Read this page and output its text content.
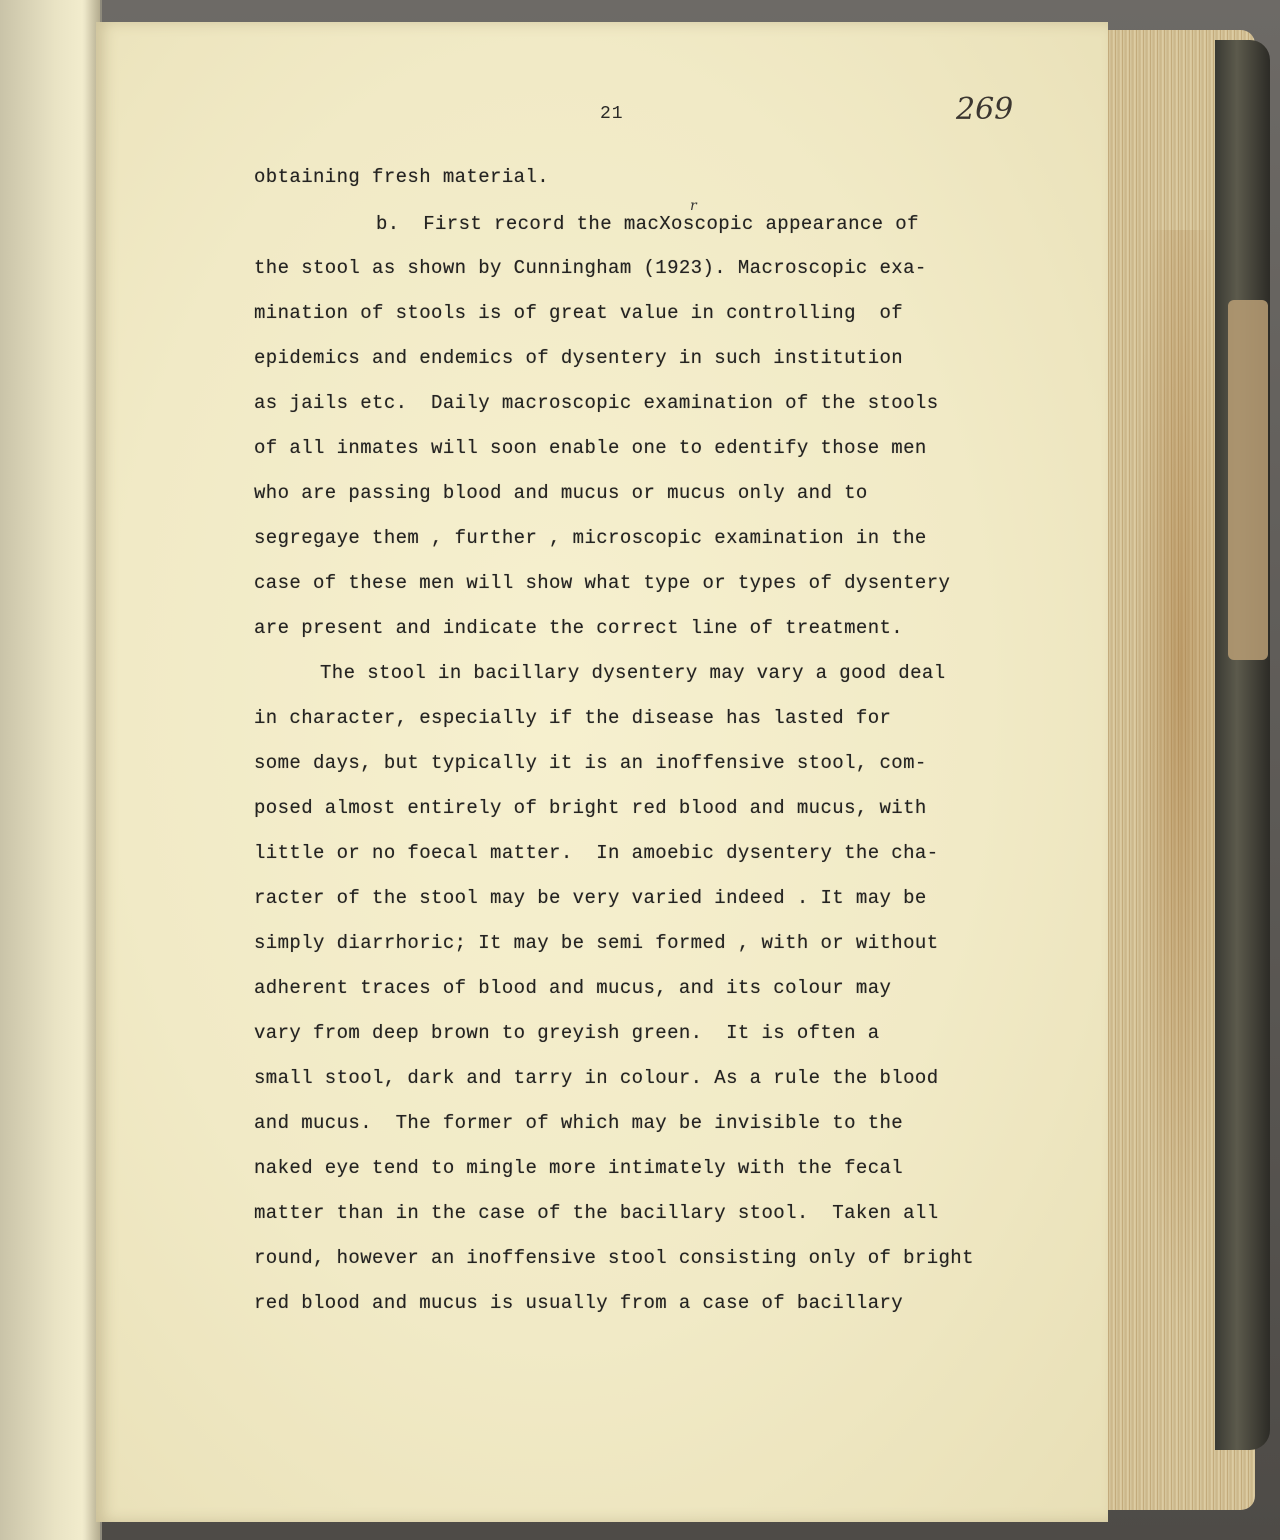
21	269
r
obtaining fresh material.
b.  First record the macXoscopic appearance of
the stool as shown by Cunningham (1923). Macroscopic exa-
mination of stools is of great value in controlling  of
epidemics and endemics of dysentery in such institution
as jails etc.  Daily macroscopic examination of the stools
of all inmates will soon enable one to edentify those men
who are passing blood and mucus or mucus only and to
segregaye them , further , microscopic examination in the
case of these men will show what type or types of dysentery
are present and indicate the correct line of treatment.
The stool in bacillary dysentery may vary a good deal
in character, especially if the disease has lasted for
some days, but typically it is an inoffensive stool, com-
posed almost entirely of bright red blood and mucus, with
little or no foecal matter.  In amoebic dysentery the cha-
racter of the stool may be very varied indeed . It may be
simply diarrhoric; It may be semi formed , with or without
adherent traces of blood and mucus, and its colour may
vary from deep brown to greyish green.  It is often a
small stool, dark and tarry in colour. As a rule the blood
and mucus.  The former of which may be invisible to the
naked eye tend to mingle more intimately with the fecal
matter than in the case of the bacillary stool.  Taken all
round, however an inoffensive stool consisting only of bright
red blood and mucus is usually from a case of bacillary
